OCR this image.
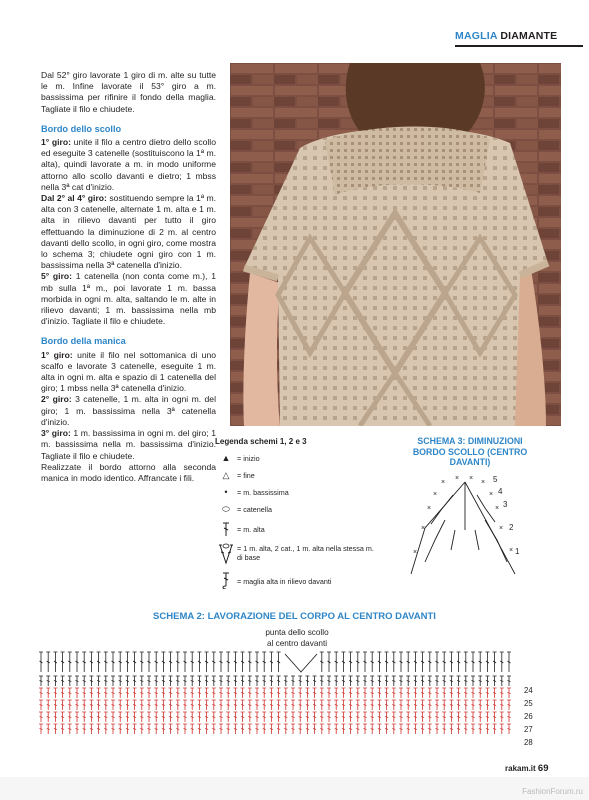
MAGLIA DIAMANTE

Dal 52° giro lavorate 1 giro di m. alte su tutte le m. Infine lavorate il 53° giro a m. bassissima per rifinire il fondo della maglia. Tagliate il filo e chiudete.

Bordo dello scollo

1° giro: unite il filo a centro dietro dello scollo ed eseguite 3 catenelle (sostituiscono la 1ª m. alta), quindi lavorate a m. in modo uniforme attorno allo scollo davanti e dietro; 1 mbss nella 3ª cat d'inizio.

Dal 2° al 4° giro: sostituendo sempre la 1ª m. alta con 3 catenelle, alternate 1 m. alta e 1 m. alta in rilievo davanti per tutto il giro effettuando la diminuzione di 2 m. al centro davanti dello scollo, in ogni giro, come mostra lo schema 3; chiudete ogni giro con 1 m. bassissima nella 3ª catenella d'inizio.

5° giro: 1 catenella (non conta come m.), 1 mb sulla 1ª m., poi lavorate 1 m. bassa morbida in ogni m. alta, saltando le m. alte in rilievo davanti; 1 m. bassissima nella mb d'inizio. Tagliate il filo e chiudete.

Bordo della manica

1° giro: unite il filo nel sottomanica di uno scalfo e lavorate 3 catenelle, eseguite 1 m. alta in ogni m. alta e spazio di 1 catenella del giro; 1 mbss nella 3ª catenella d'inizio.

2° giro: 3 catenelle, 1 m. alta in ogni m. del giro; 1 m. bassissima nella 3ª catenella d'inizio.

3° giro: 1 m. bassissima in ogni m. del giro; 1 m. bassissima nella m. bassissima d'inizio. Tagliate il filo e chiudete.

Realizzate il bordo attorno alla seconda manica in modo identico. Affrancate i fili.

Legenda schemi 1, 2 e 3
▲ = inizio
△	= fine
•	= m. bassissima
⬭ = catenella
= m. alta
= 1 m. alta, 2 cat., 1 m. alta nella stessa m. di base
= maglia alta in rilievo davanti
SCHEMA 3: DIMINUZIONI BORDO SCOLLO (CENTRO DAVANTI)
×
× ×
×
×	×
×	×
×	×
×	×
5
4
3
2
1
SCHEMA 2: LAVORAZIONE DEL CORPO AL CENTRO DAVANTI
punta dello scollo al centro davanti
24
25
26
27
28
rakam.it 69
FashionForum.ru
